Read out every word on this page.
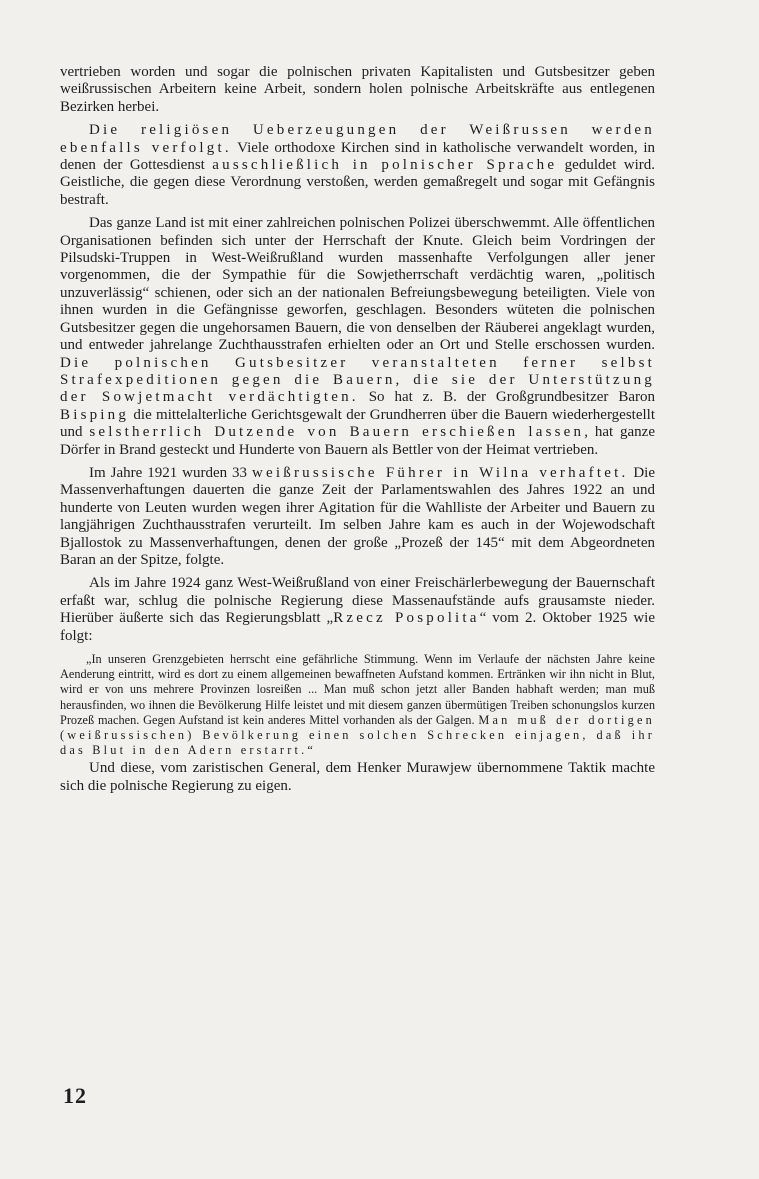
vertrieben worden und sogar die polnischen privaten Kapitalisten und Gutsbesitzer geben weißrussischen Arbeitern keine Arbeit, sondern holen polnische Arbeitskräfte aus entlegenen Bezirken herbei.

Die religiösen Ueberzeugungen der Weißrussen werden ebenfalls verfolgt. Viele orthodoxe Kirchen sind in katholische verwandelt worden, in denen der Gottesdienst ausschließlich in polnischer Sprache geduldet wird. Geistliche, die gegen diese Verordnung verstoßen, werden gemaßregelt und sogar mit Gefängnis bestraft.

Das ganze Land ist mit einer zahlreichen polnischen Polizei überschwemmt. Alle öffentlichen Organisationen befinden sich unter der Herrschaft der Knute. Gleich beim Vordringen der Pilsudski-Truppen in West-Weißrußland wurden massenhafte Verfolgungen aller jener vorgenommen, die der Sympathie für die Sowjetherrschaft verdächtig waren, „politisch unzuverlässig“ schienen, oder sich an der nationalen Befreiungsbewegung beteiligten. Viele von ihnen wurden in die Gefängnisse geworfen, geschlagen. Besonders wüteten die polnischen Gutsbesitzer gegen die ungehorsamen Bauern, die von denselben der Räuberei angeklagt wurden, und entweder jahrelange Zuchthausstrafen erhielten oder an Ort und Stelle erschossen wurden. Die polnischen Gutsbesitzer veranstalteten ferner selbst Strafexpeditionen gegen die Bauern, die sie der Unterstützung der Sowjetmacht verdächtigten. So hat z. B. der Großgrundbesitzer Baron Bisping die mittelalterliche Gerichtsgewalt der Grundherren über die Bauern wiederhergestellt und selstherrlich Dutzende von Bauern erschießen lassen, hat ganze Dörfer in Brand gesteckt und Hunderte von Bauern als Bettler von der Heimat vertrieben.

Im Jahre 1921 wurden 33 weißrussische Führer in Wilna verhaftet. Die Massenverhaftungen dauerten die ganze Zeit der Parlamentswahlen des Jahres 1922 an und hunderte von Leuten wurden wegen ihrer Agitation für die Wahlliste der Arbeiter und Bauern zu langjährigen Zuchthausstrafen verurteilt. Im selben Jahre kam es auch in der Wojewodschaft Bjallostok zu Massenverhaftungen, denen der große „Prozeß der 145“ mit dem Abgeordneten Baran an der Spitze, folgte.

Als im Jahre 1924 ganz West-Weißrußland von einer Freischärlerbewegung der Bauernschaft erfaßt war, schlug die polnische Regierung diese Massenaufstände aufs grausamste nieder. Hierüber äußerte sich das Regierungsblatt „Rzecz Pospolita“ vom 2. Oktober 1925 wie folgt:

„In unseren Grenzgebieten herrscht eine gefährliche Stimmung. Wenn im Verlaufe der nächsten Jahre keine Aenderung eintritt, wird es dort zu einem allgemeinen bewaffneten Aufstand kommen. Ertränken wir ihn nicht in Blut, wird er von uns mehrere Provinzen losreißen ... Man muß schon jetzt aller Banden habhaft werden; man muß herausfinden, wo ihnen die Bevölkerung Hilfe leistet und mit diesem ganzen übermütigen Treiben schonungslos kurzen Prozeß machen. Gegen Aufstand ist kein anderes Mittel vorhanden als der Galgen. Man muß der dortigen (weißrussischen) Bevölkerung einen solchen Schrecken einjagen, daß ihr das Blut in den Adern erstarrt.“

Und diese, vom zaristischen General, dem Henker Murawjew übernommene Taktik machte sich die polnische Regierung zu eigen.

12
